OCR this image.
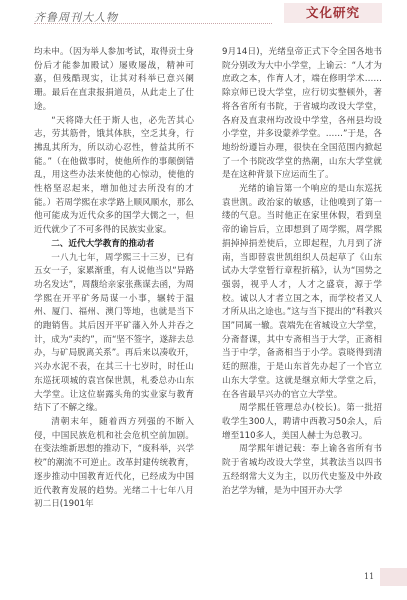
齐鲁周刊大人物	文化研究

均未申。（因为举人参加考试，取得贡士身份后才能参加殿试）屡败屡战，精神可嘉，但残酷现实，让其对科举已意兴阑珊。最后在直隶报捐道员，从此走上了仕途。

“天将降大任于斯人也，必先苦其心志，劳其筋骨，饿其体肤，空乏其身，行拂乱其所为，所以动心忍性，曾益其所不能。”（在他做事时，使他所作的事颠倒错乱，用这些办法来使他的心惊动，使他的性格坚忍起来，增加他过去所没有的才能。）若周学熙在求学路上顺风顺水，那么他可能成为近代众多的国学大儒之一，但近代就少了不可多得的民族实业家。

二、近代大学教育的推动者

一八九七年，周学熙三十三岁，已有五女一子，家累渐重，有人说他当以“异路功名发达”，周馥给亲家张燕谋去函，为周学熙在开平矿务局谋一小事，辗转于温州、厦门、福州、澳门等地，也就是当下的跑销售。其后因开平矿藩入外人并吞之计，成为“卖约”，而“坚不签字，遂辞去总办，与矿局脱离关系”。再后来以凑收开，兴办水泥不表，在其三十七岁时，时任山东巡抚项城的袁宫保世凯，札委总办山东大学堂。让这位崭露头角的实业家与教育结下了不解之缘。

清朝末年，随着西方列强的不断入侵，中国民族危机和社会危机空前加剧。在变法维新思想的推动下，“废科举，兴学校”的潮流不可逆止。改革封建传统教育，逐步推动中国教育近代化，已经成为中国近代教育发展的趋势。光绪二十七年八月初二日(1901年

9月14日)，光绪皇帝正式下令全国各地书院分别改为大中小学堂，上谕云：“人才为庶政之本，作育人才，端在修明学术……除京师已设大学堂，应行切实整顿外，著将各省所有书院，于省城均改设大学堂，各府及直隶州均改设中学堂，各州县均设小学堂，并多设蒙养学堂。……”于是，各地纷纷遵旨办理，很快在全国范围内掀起了一个书院改学堂的热潮，山东大学堂就是在这种背景下应运而生了。

光绪的谕旨第一个响应的是山东巡抚袁世凯。政治家的敏感，让他嗅到了第一缕的气息。当时他正在家里休假，看到皇帝的谕旨后，立即想到了周学熙，周学熙捐掉掉捐差使后，立即起程，九月到了济南，当即替袁世凯组织人员起草了《山东试办大学堂暂行章程折稿》，认为“国势之强弱，视乎人才，人才之盛衰，源于学校。诚以人才者立国之本，而学校者又人才所从出之途也。”这与当下提出的“科教兴国”同属一辙。袁端先在省城设立大学堂，分斋督课，其中专斋相当于大学，正斋相当于中学，备斋相当于小学。袁晓得到清廷的照准，于是山东首先办起了一个官立山东大学堂。这就是继京师大学堂之后，在各省最早兴办的官立大学堂。

周学熙任管理总办(校长)。第一批招收学生300人，聘请中西教习50余人，后增至110多人，美国人赫士为总教习。

周学熙年谱记载：奉上谕各省所有书院于省城均改设大学堂，其教法当以四书五经纲常大义为主，以历代史鉴及中外政治艺学为辅，是为中国开办大学

11
